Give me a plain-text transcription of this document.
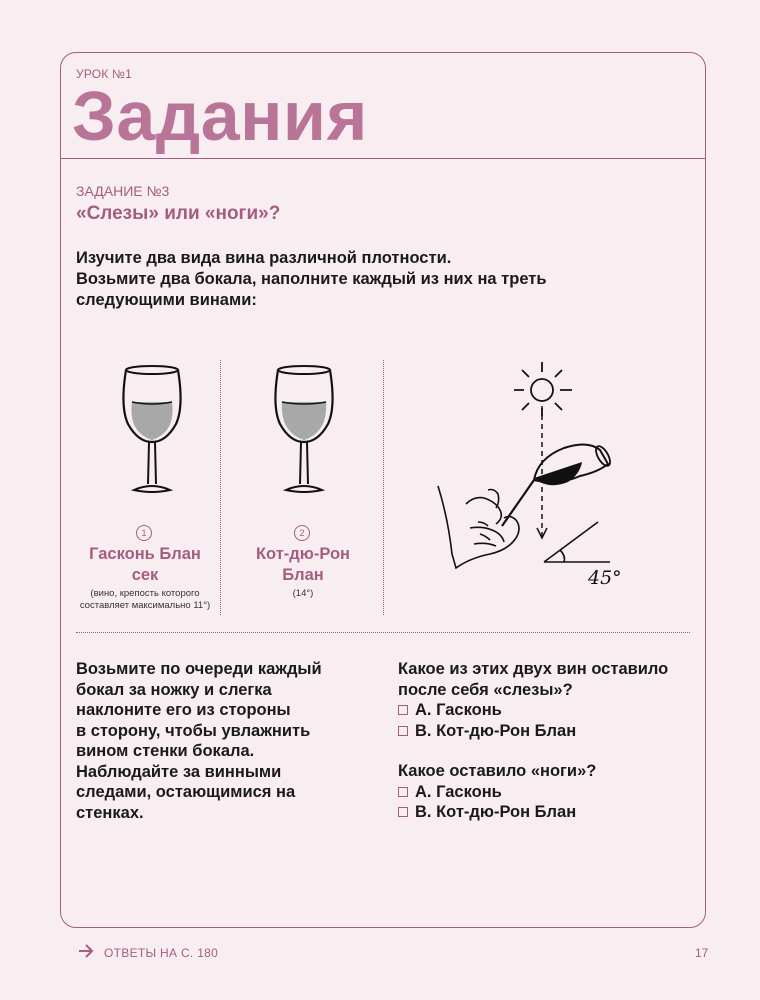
УРОК №1
Задания
ЗАДАНИЕ №3
«Слезы» или «ноги»?
Изучите два вида вина различной плотности.
Возьмите два бокала, наполните каждый из них на треть
следующими винами:
1
Гасконь Блан
сек
(вино, крепость которого
составляет максимально 11°)
2
Кот-дю-Рон
Блан
(14°)
45°
Возьмите по очереди каждый
бокал за ножку и слегка
наклоните его из стороны
в сторону, чтобы увлажнить
вином стенки бокала.
Наблюдайте за винными
следами, остающимися на
стенках.
Какое из этих двух вин оставило
после себя «слезы»?
А. Гасконь
В. Кот-дю-Рон Блан
Какое оставило «ноги»?
А. Гасконь
В. Кот-дю-Рон Блан
ОТВЕТЫ НА С. 180	17
